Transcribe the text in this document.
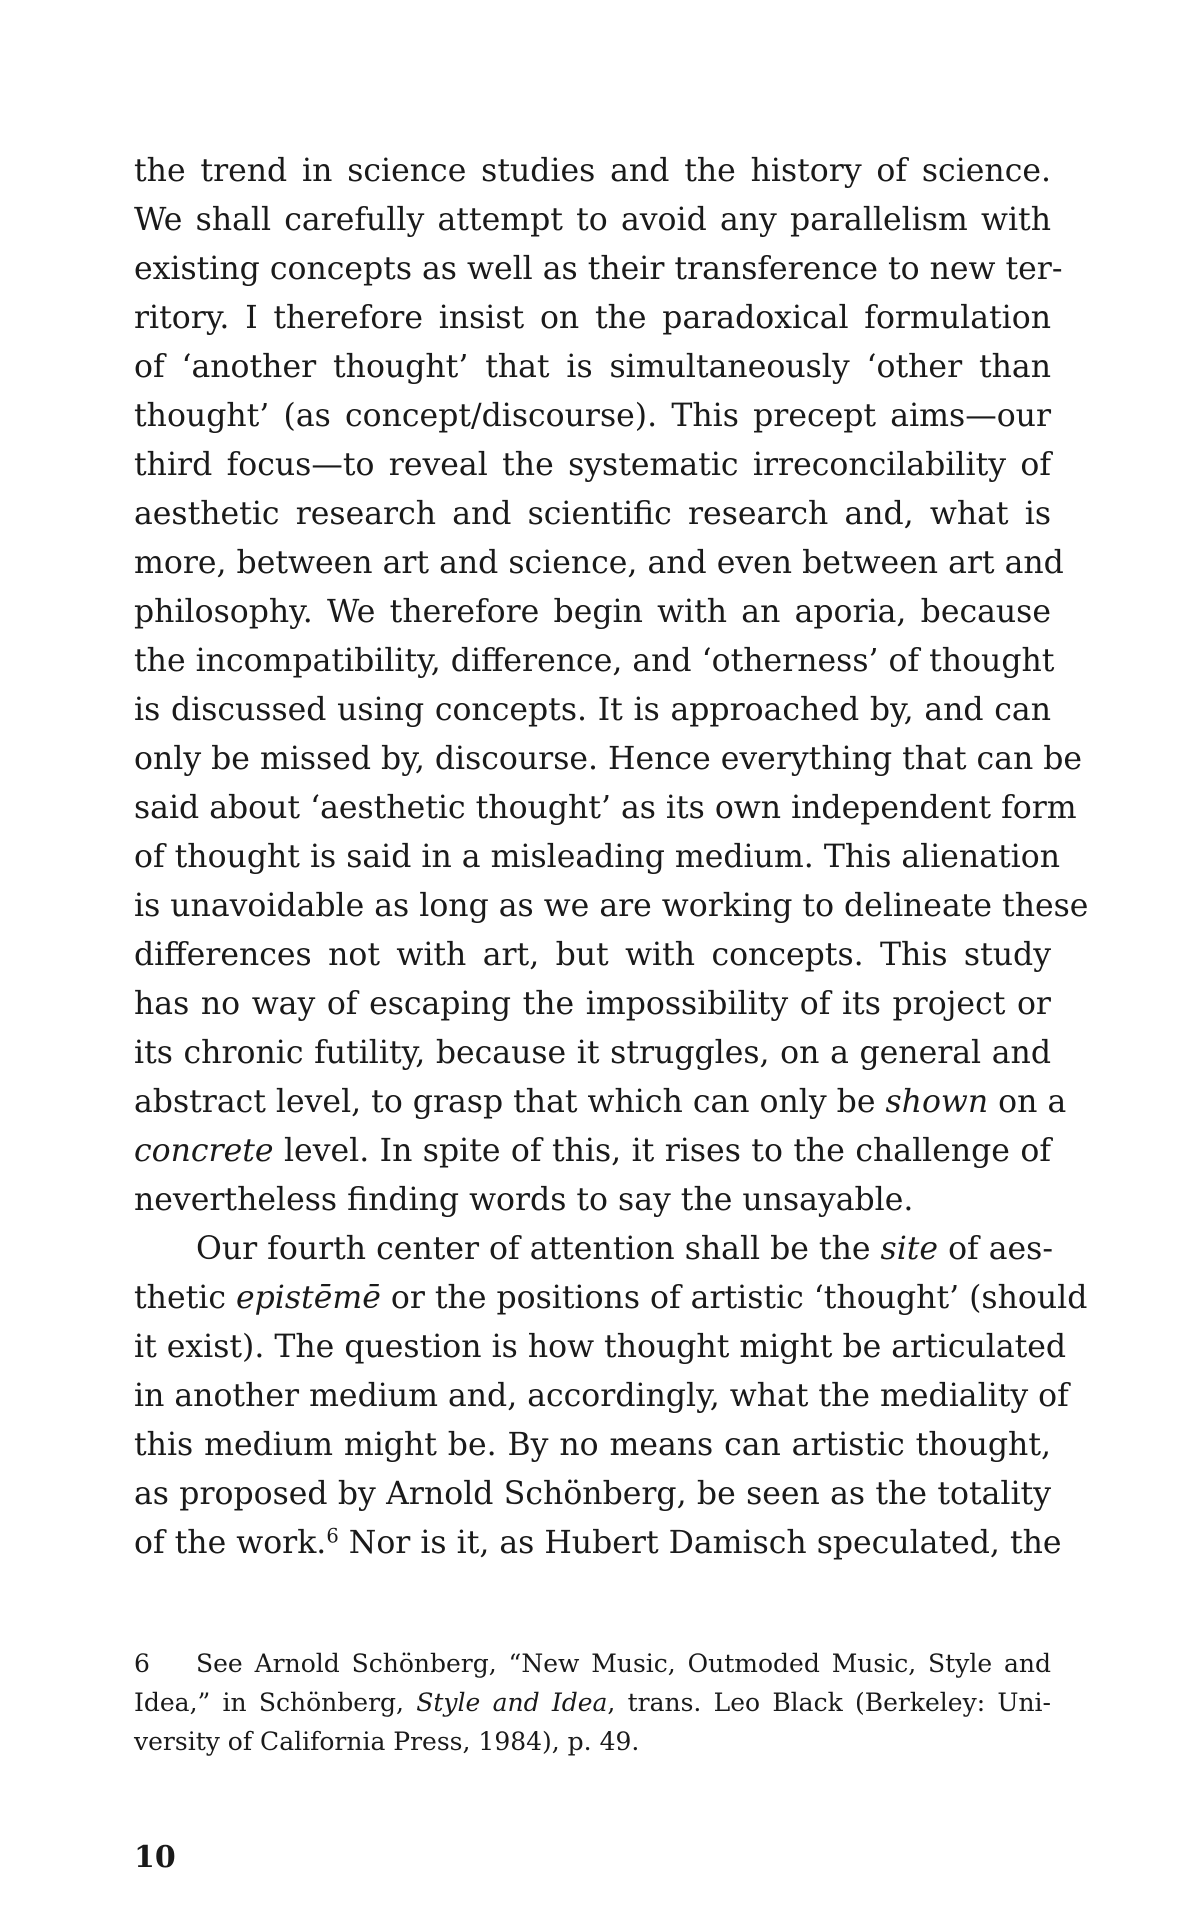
the trend in science studies and the history of science.
We shall carefully attempt to avoid any parallelism with
existing concepts as well as their transference to new ter-
ritory. I therefore insist on the paradoxical formulation
of ‘another thought’ that is simultaneously ‘other than
thought’ (as concept/discourse). This precept aims—our
third focus—to reveal the systematic irreconcilability of
aesthetic research and scientific research and, what is
more, between art and science, and even between art and
philosophy. We therefore begin with an aporia, because
the incompatibility, difference, and ‘otherness’ of thought
is discussed using concepts. It is approached by, and can
only be missed by, discourse. Hence everything that can be
said about ‘aesthetic thought’ as its own independent form
of thought is said in a misleading medium. This alienation
is unavoidable as long as we are working to delineate these
differences not with art, but with concepts. This study
has no way of escaping the impossibility of its project or
its chronic futility, because it struggles, on a general and
abstract level, to grasp that which can only be shown on a
concrete level. In spite of this, it rises to the challenge of
nevertheless finding words to say the unsayable.
Our fourth center of attention shall be the site of aes-
thetic epistēmē or the positions of artistic ‘thought’ (should
it exist). The question is how thought might be articulated
in another medium and, accordingly, what the mediality of
this medium might be. By no means can artistic thought,
as proposed by Arnold Schönberg, be seen as the totality
of the work.$^6$ Nor is it, as Hubert Damisch speculated, the
6 See Arnold Schönberg, “New Music, Outmoded Music, Style and
Idea,” in Schönberg, Style and Idea, trans. Leo Black (Berkeley: Uni-
versity of California Press, 1984), p. 49.
10
